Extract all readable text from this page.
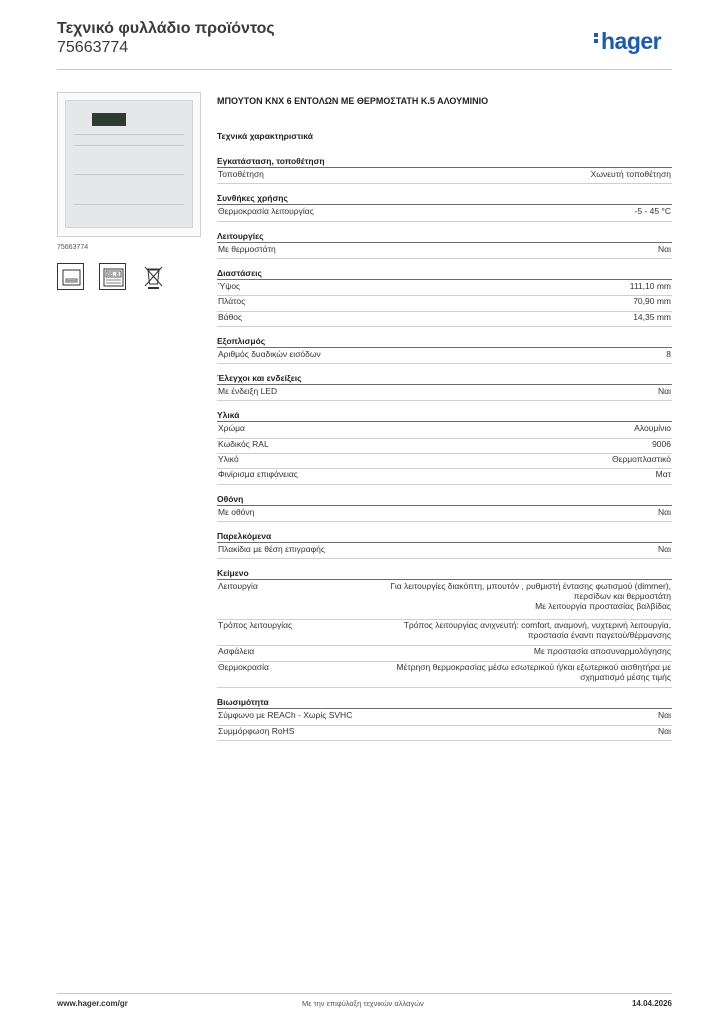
Τεχνικό φυλλάδιο προϊόντος
75663774	hager
75663774
88.8
ΜΠΟΥΤΟΝ KNX 6 ΕΝΤΟΛΩΝ ΜΕ ΘΕΡΜΟΣΤΑΤΗ Κ.5 ΑΛΟΥΜΙΝΙΟ
Τεχνικά χαρακτηριστικά
Εγκατάσταση, τοποθέτηση
Τοποθέτηση	Χωνευτή τοποθέτηση
Συνθήκες χρήσης
Θερμοκρασία λειτουργίας	-5 - 45 °C
Λειτουργίες
Με θερμοστάτη	Ναι
Διαστάσεις
Ύψος	111,10 mm
Πλάτος	70,90 mm
Βάθος	14,35 mm
Εξοπλισμός
Αριθμός δυαδικών εισόδων	8
Έλεγχοι και ενδείξεις
Με ένδειξη LED	Ναι
Υλικά
Χρώμα	Αλουμίνιο
Κωδικός RAL	9006
Υλικό	Θερμοπλαστικό
Φινίρισμα επιφάνειας	Ματ
Οθόνη
Με οθόνη	Ναι
Παρελκόμενα
Πλακίδια με θέση επιγραφής	Ναι
Κείμενο
Λειτουργία	Για λειτουργίες διακόπτη, μπουτόν , ρυθμιστή έντασης φωτισμού (dimmer),
περσίδων και θερμοστάτη
Με λειτουργία προστασίας βαλβίδας
Τρόπος λειτουργίας	Τρόπος λειτουργίας ανιχνευτή: comfort, αναμονή, νυχτερινή λειτουργία,
προστασία έναντι παγετού/θέρμανσης
Ασφάλεια	Με προστασία αποσυναρμολόγησης
Θερμοκρασία	Μέτρηση θερμοκρασίας μέσω εσωτερικού ή/και εξωτερικού αισθητήρα με
σχηματισμό μέσης τιμής
Βιωσιμότητα
Σύμφωνο με REACh - Χωρίς SVHC	Ναι
Συμμόρφωση RoHS	Ναι
www.hager.com/gr	Με την επιφύλαξη τεχνικών αλλαγών	14.04.2026
